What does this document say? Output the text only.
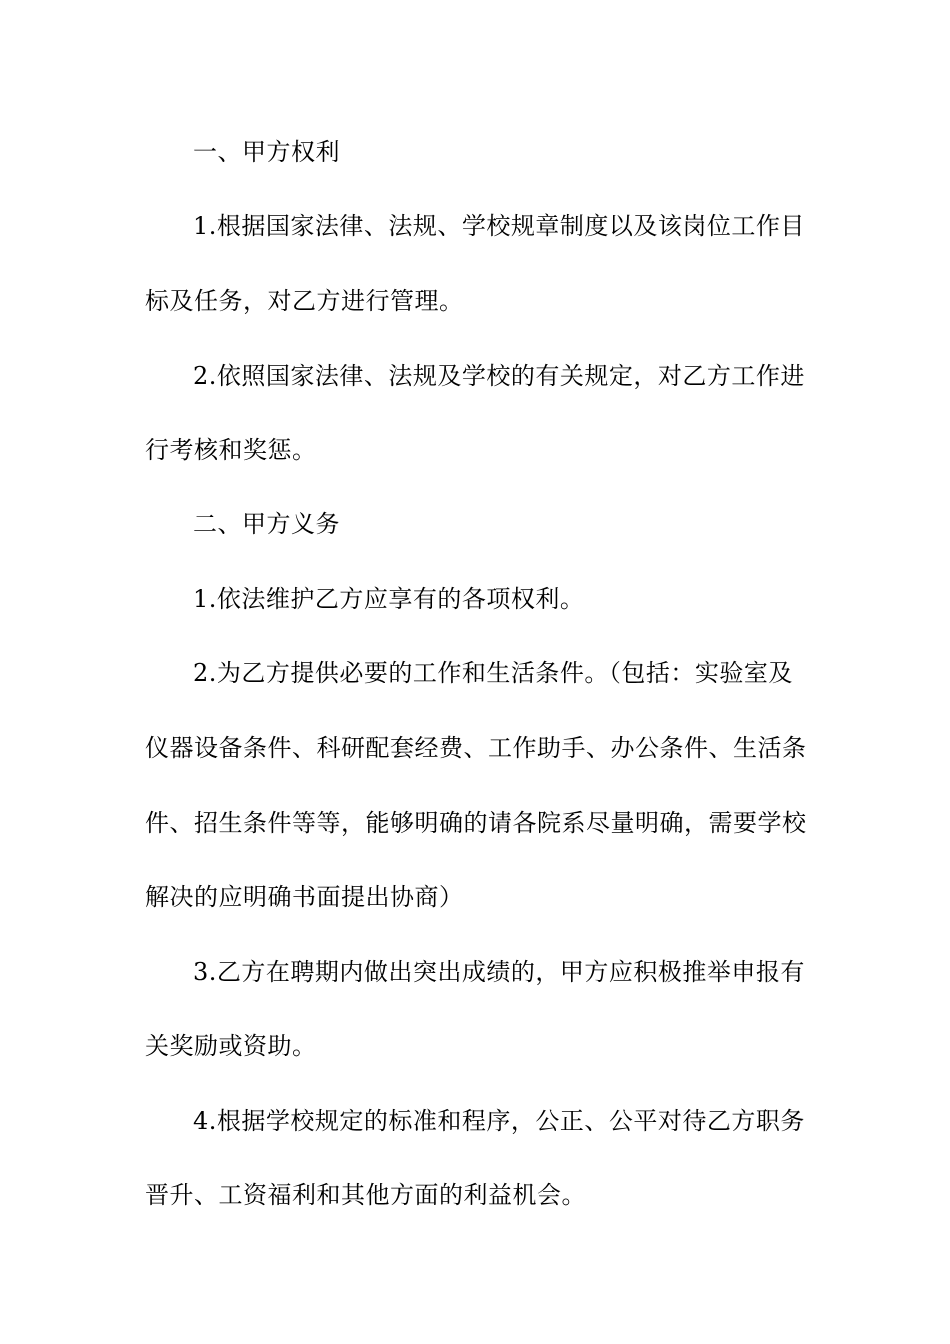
一、甲方权利
1.根据国家法律、法规、学校规章制度以及该岗位工作目
标及任务，对乙方进行管理。
2.依照国家法律、法规及学校的有关规定，对乙方工作进
行考核和奖惩。
二、甲方义务
1.依法维护乙方应享有的各项权利。
2.为乙方提供必要的工作和生活条件。（包括：实验室及
仪器设备条件、科研配套经费、工作助手、办公条件、生活条
件、招生条件等等，能够明确的请各院系尽量明确，需要学校
解决的应明确书面提出协商）
3.乙方在聘期内做出突出成绩的，甲方应积极推举申报有
关奖励或资助。
4.根据学校规定的标准和程序，公正、公平对待乙方职务
晋升、工资福利和其他方面的利益机会。
